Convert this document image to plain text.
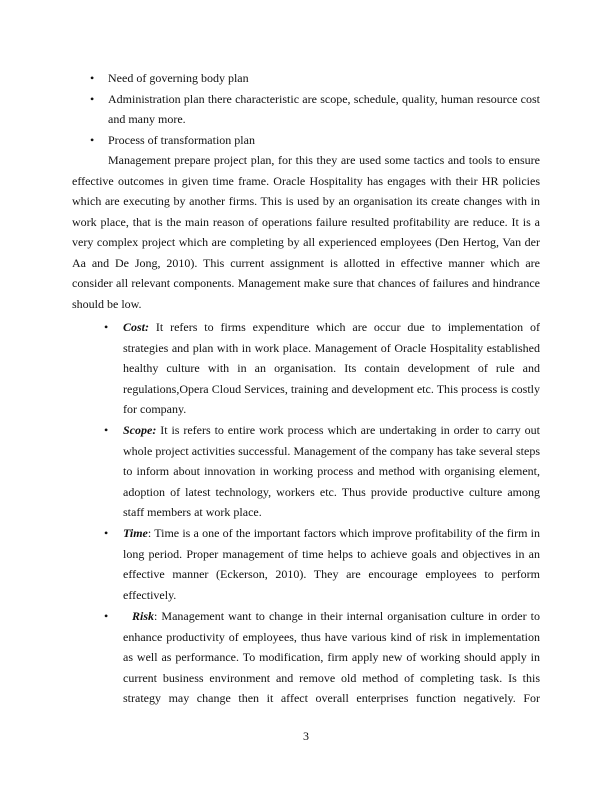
• Need of governing body plan
• Administration plan there characteristic are scope, schedule, quality, human resource cost
and many more.
• Process of transformation plan
Management prepare project plan, for this they are used some tactics and tools to ensure
effective outcomes in given time frame. Oracle Hospitality has engages with their HR policies
which are executing by another firms. This is used by an organisation its create changes with in
work place, that is the main reason of operations failure resulted profitability are reduce. It is a
very complex project which are completing by all experienced employees (Den Hertog, Van der
Aa and De Jong, 2010). This current assignment is allotted in effective manner which are
consider all relevant components. Management make sure that chances of failures and hindrance
should be low.
• Cost: It refers to firms expenditure which are occur due to implementation of
strategies and plan with in work place. Management of Oracle Hospitality established
healthy culture with in an organisation. Its contain development of rule and
regulations,Opera Cloud Services, training and development etc. This process is costly
for company.
• Scope: It is refers to entire work process which are undertaking in order to carry out
whole project activities successful. Management of the company has take several steps
to inform about innovation in working process and method with organising element,
adoption of latest technology, workers etc. Thus provide productive culture among
staff members at work place.
• Time: Time is a one of the important factors which improve profitability of the firm in
long period. Proper management of time helps to achieve goals and objectives in an
effective manner (Eckerson, 2010). They are encourage employees to perform
effectively.
• Risk: Management want to change in their internal organisation culture in order to
enhance productivity of employees, thus have various kind of risk in implementation
as well as performance. To modification, firm apply new of working should apply in
current business environment and remove old method of completing task. Is this
strategy may change then it affect overall enterprises function negatively. For
3
